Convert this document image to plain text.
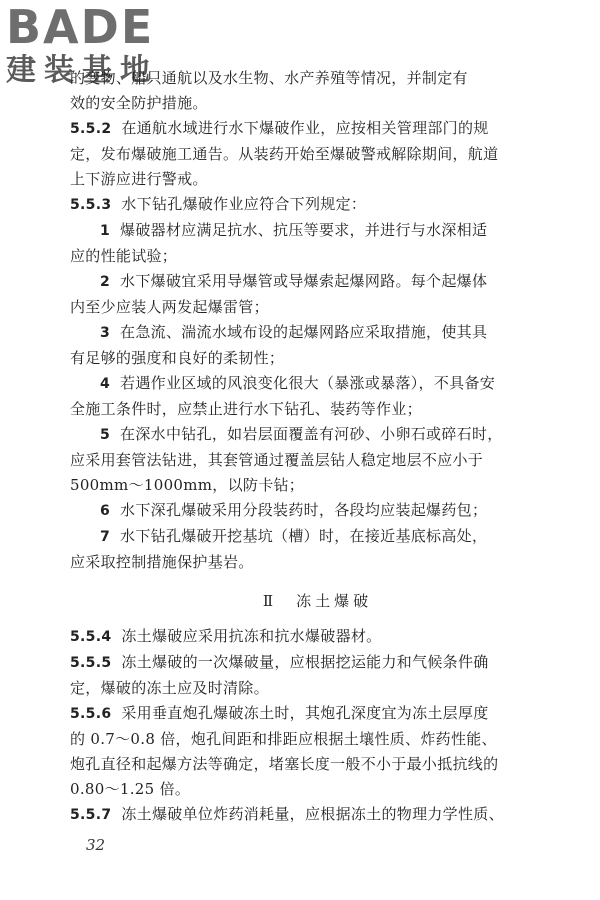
BADE
建装基地
的变物、船只通航以及水生物、水产养殖等情况，并制定有
效的安全防护措施。
5.5.2 在通航水域进行水下爆破作业，应按相关管理部门的规
定，发布爆破施工通告。从装药开始至爆破警戒解除期间，航道
上下游应进行警戒。
5.5.3 水下钻孔爆破作业应符合下列规定：
1 爆破器材应满足抗水、抗压等要求，并进行与水深相适
应的性能试验；
2 水下爆破宜采用导爆管或导爆索起爆网路。每个起爆体
内至少应装人两发起爆雷管；
3 在急流、湍流水域布设的起爆网路应采取措施，使其具
有足够的强度和良好的柔韧性；
4 若遇作业区域的风浪变化很大（暴涨或暴落），不具备安
全施工条件时，应禁止进行水下钻孔、装药等作业；
5 在深水中钻孔，如岩层面覆盖有河砂、小卵石或碎石时，
应采用套管法钻进，其套管通过覆盖层钻人稳定地层不应小于
500mm～1000mm，以防卡钻；
6 水下深孔爆破采用分段装药时，各段均应装起爆药包；
7 水下钻孔爆破开挖基坑（槽）时，在接近基底标高处，
应采取控制措施保护基岩。
Ⅱ　冻土爆破
5.5.4 冻土爆破应采用抗冻和抗水爆破器材。
5.5.5 冻土爆破的一次爆破量，应根据挖运能力和气候条件确
定，爆破的冻土应及时清除。
5.5.6 采用垂直炮孔爆破冻土时，其炮孔深度宜为冻土层厚度
的 0.7～0.8 倍，炮孔间距和排距应根据土壤性质、炸药性能、
炮孔直径和起爆方法等确定，堵塞长度一般不小于最小抵抗线的
0.80～1.25 倍。
5.5.7 冻土爆破单位炸药消耗量，应根据冻土的物理力学性质、
32
